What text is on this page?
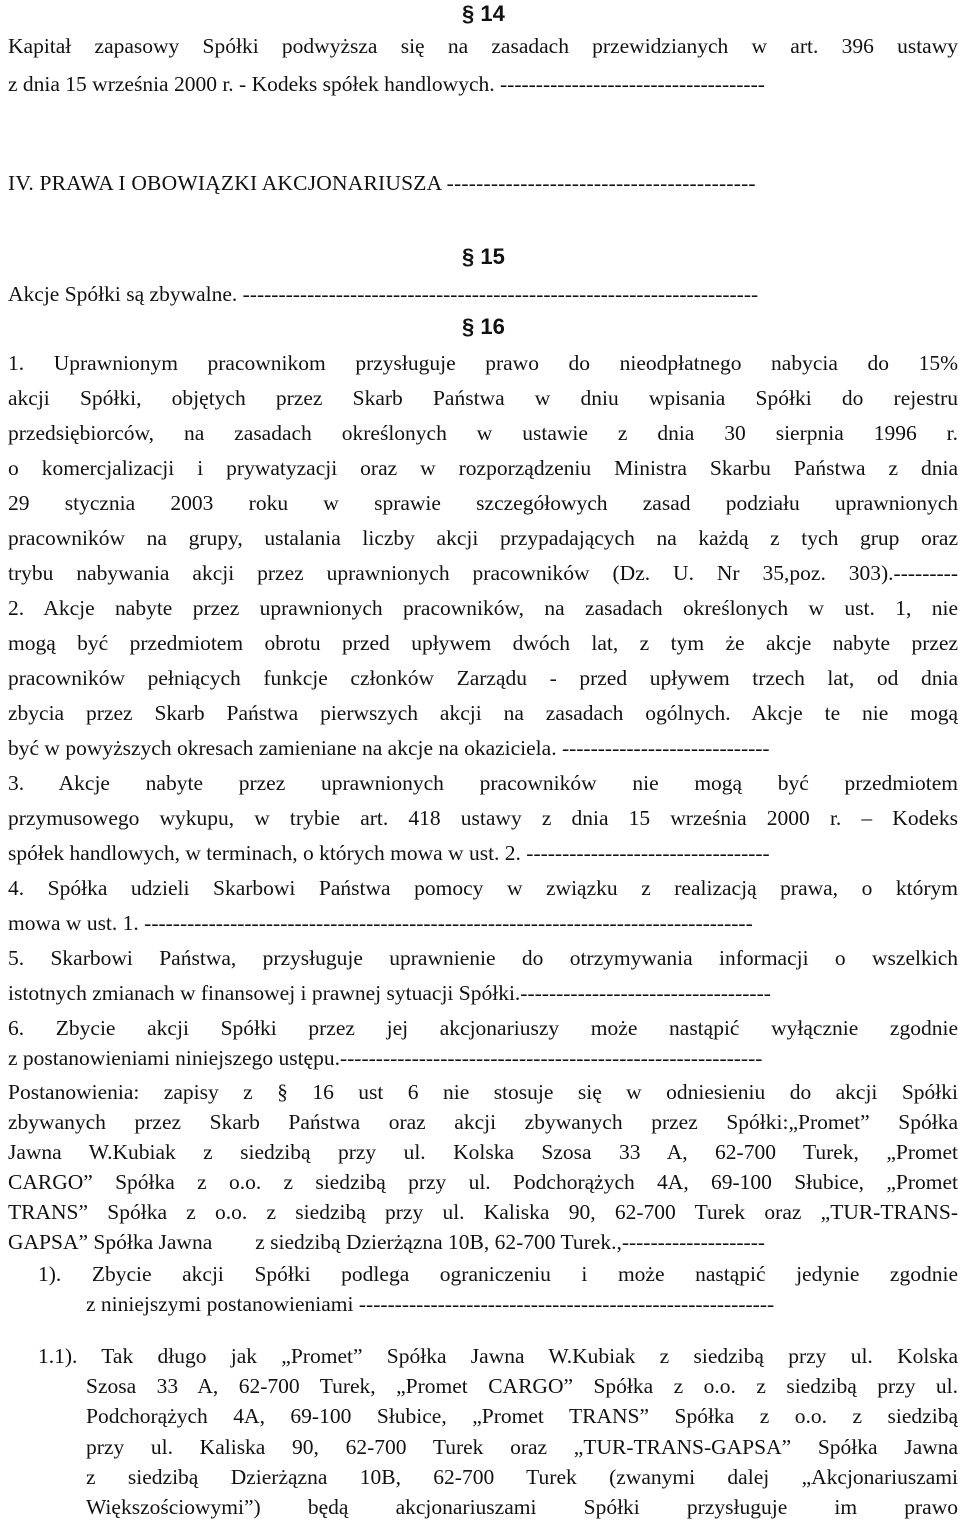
§ 14
Kapitał zapasowy Spółki podwyższa się na zasadach przewidzianych w art. 396 ustawy
z dnia 15 września 2000 r. - Kodeks spółek handlowych. -------------------------------------
IV. PRAWA I OBOWIĄZKI AKCJONARIUSZA ------------------------------------------
§ 15
Akcje Spółki są zbywalne. ------------------------------------------------------------------------
§ 16
1. Uprawnionym pracownikom przysługuje prawo do nieodpłatnego nabycia do 15%
akcji Spółki, objętych przez Skarb Państwa w dniu wpisania Spółki do rejestru
przedsiębiorców, na zasadach określonych w ustawie z dnia 30 sierpnia 1996 r.
o komercjalizacji i prywatyzacji oraz w rozporządzeniu Ministra Skarbu Państwa z dnia
29 stycznia 2003 roku w sprawie szczegółowych zasad podziału uprawnionych
pracowników na grupy, ustalania liczby akcji przypadających na każdą z tych grup oraz
trybu nabywania akcji przez uprawnionych pracowników (Dz. U. Nr 35,poz. 303).---------
2. Akcje nabyte przez uprawnionych pracowników, na zasadach określonych w ust. 1, nie
mogą być przedmiotem obrotu przed upływem dwóch lat, z tym że akcje nabyte przez
pracowników pełniących funkcje członków Zarządu - przed upływem trzech lat, od dnia
zbycia przez Skarb Państwa pierwszych akcji na zasadach ogólnych. Akcje te nie mogą
być w powyższych okresach zamieniane na akcje na okaziciela. -----------------------------
3. Akcje nabyte przez uprawnionych pracowników nie mogą być przedmiotem
przymusowego wykupu, w trybie art. 418 ustawy z dnia 15 września 2000 r. – Kodeks
spółek handlowych, w terminach, o których mowa w ust. 2. ----------------------------------
4. Spółka udzieli Skarbowi Państwa pomocy w związku z realizacją prawa, o którym
mowa w ust. 1. -------------------------------------------------------------------------------------
5. Skarbowi Państwa, przysługuje uprawnienie do otrzymywania informacji o wszelkich
istotnych zmianach w finansowej i prawnej sytuacji Spółki.-----------------------------------
6. Zbycie akcji Spółki przez jej akcjonariuszy może nastąpić wyłącznie zgodnie
z postanowieniami niniejszego ustępu.-----------------------------------------------------------
Postanowienia: zapisy z § 16 ust 6 nie stosuje się w odniesieniu do akcji Spółki
zbywanych przez Skarb Państwa oraz akcji zbywanych przez Spółki:„Promet” Spółka
Jawna W.Kubiak z siedzibą przy ul. Kolska Szosa 33 A, 62-700 Turek, „Promet
CARGO” Spółka z o.o. z siedzibą przy ul. Podchorążych 4A, 69-100 Słubice, „Promet
TRANS” Spółka z o.o. z siedzibą przy ul. Kaliska 90, 62-700 Turek oraz „TUR-TRANS-
GAPSA” Spółka Jawna        z siedzibą Dzierżązna 10B, 62-700 Turek.,--------------------
1). Zbycie akcji Spółki podlega ograniczeniu i może nastąpić jedynie zgodnie
z niniejszymi postanowieniami ----------------------------------------------------------
1.1). Tak długo jak „Promet” Spółka Jawna W.Kubiak z siedzibą przy ul. Kolska
Szosa 33 A, 62-700 Turek, „Promet CARGO” Spółka z o.o. z siedzibą przy ul.
Podchorążych 4A, 69-100 Słubice, „Promet TRANS” Spółka z o.o. z siedzibą
przy ul. Kaliska 90, 62-700 Turek oraz „TUR-TRANS-GAPSA” Spółka Jawna
z siedzibą Dzierżązna 10B, 62-700 Turek (zwanymi dalej „Akcjonariuszami
Większościowymi”) będą akcjonariuszami Spółki przysługuje im prawo
